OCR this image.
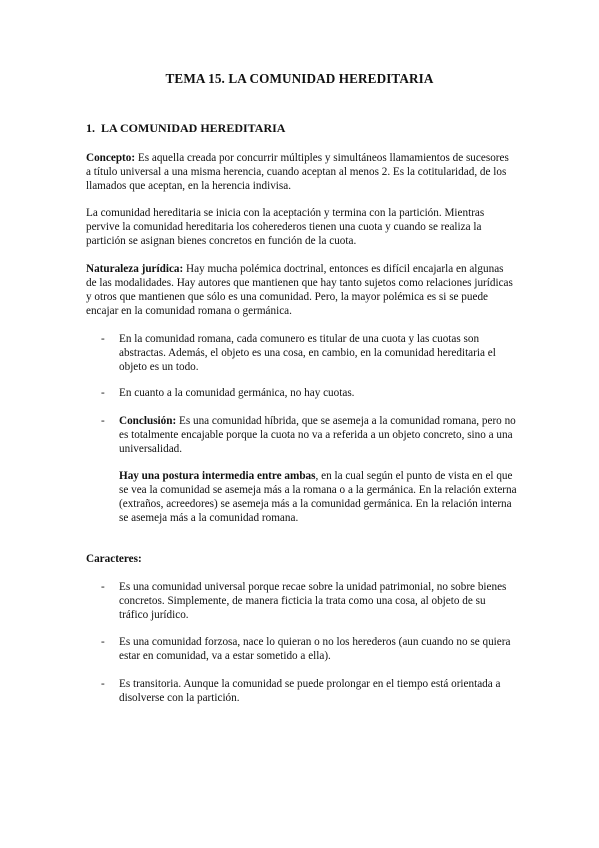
TEMA 15. LA COMUNIDAD HEREDITARIA
1. LA COMUNIDAD HEREDITARIA

Concepto: Es aquella creada por concurrir múltiples y simultáneos llamamientos de sucesores a título universal a una misma herencia, cuando aceptan al menos 2. Es la cotitularidad, de los llamados que aceptan, en la herencia indivisa.

La comunidad hereditaria se inicia con la aceptación y termina con la partición. Mientras pervive la comunidad hereditaria los coherederos tienen una cuota y cuando se realiza la partición se asignan bienes concretos en función de la cuota.

Naturaleza jurídica: Hay mucha polémica doctrinal, entonces es difícil encajarla en algunas de las modalidades. Hay autores que mantienen que hay tanto sujetos como relaciones jurídicas y otros que mantienen que sólo es una comunidad. Pero, la mayor polémica es si se puede encajar en la comunidad romana o germánica.

- En la comunidad romana, cada comunero es titular de una cuota y las cuotas son abstractas. Además, el objeto es una cosa, en cambio, en la comunidad hereditaria el objeto es un todo.

- En cuanto a la comunidad germánica, no hay cuotas.

- Conclusión: Es una comunidad híbrida, que se asemeja a la comunidad romana, pero no es totalmente encajable porque la cuota no va a referida a un objeto concreto, sino a una universalidad.

Hay una postura intermedia entre ambas, en la cual según el punto de vista en el que se vea la comunidad se asemeja más a la romana o a la germánica. En la relación externa (extraños, acreedores) se asemeja más a la comunidad germánica. En la relación interna se asemeja más a la comunidad romana.

Caracteres:
- Es una comunidad universal porque recae sobre la unidad patrimonial, no sobre bienes concretos. Simplemente, de manera ficticia la trata como una cosa, al objeto de su tráfico jurídico.

- Es una comunidad forzosa, nace lo quieran o no los herederos (aun cuando no se quiera estar en comunidad, va a estar sometido a ella).

- Es transitoria. Aunque la comunidad se puede prolongar en el tiempo está orientada a disolverse con la partición.
